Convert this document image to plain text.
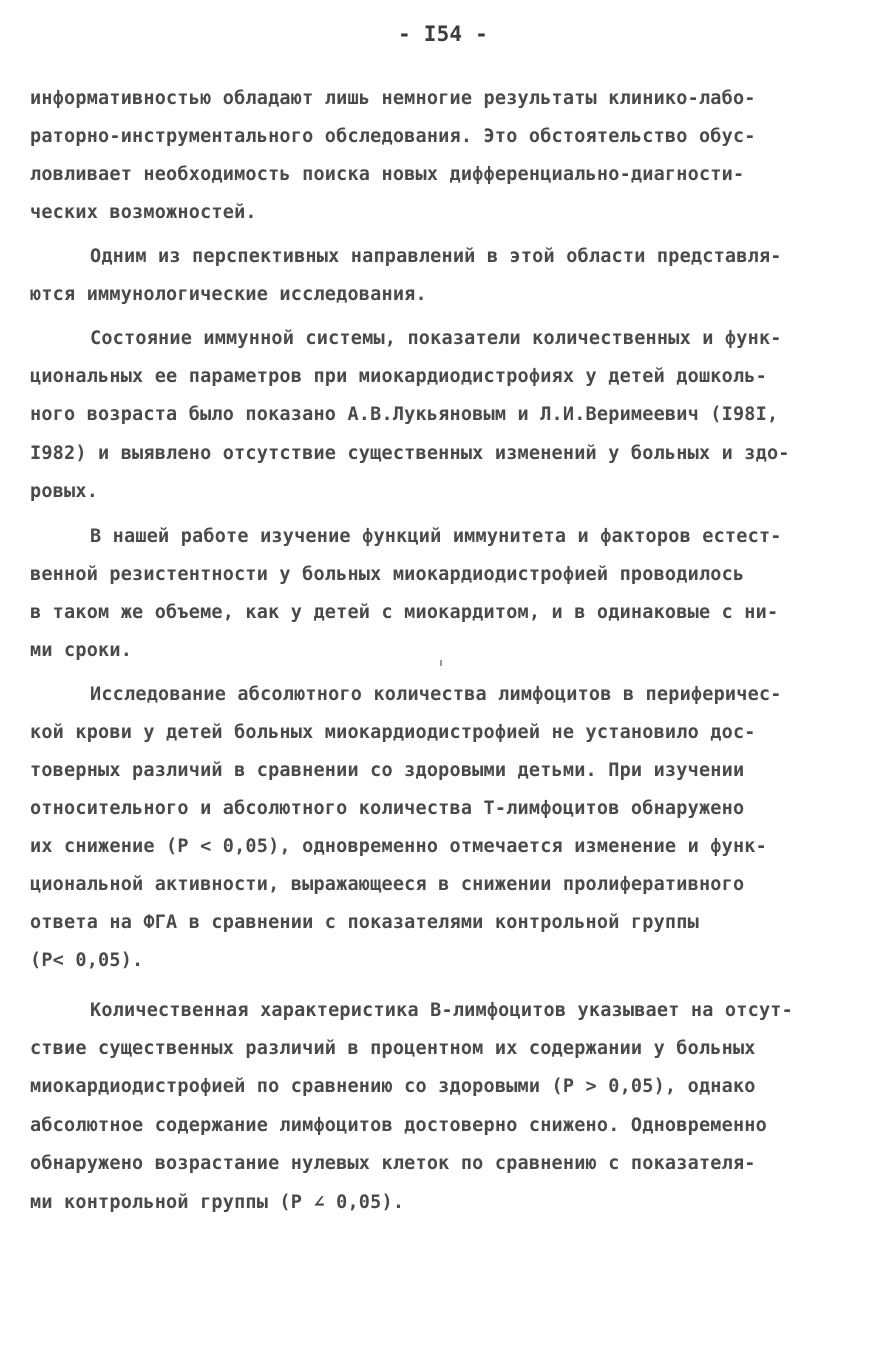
- I54 -
информативностью обладают лишь немногие результаты клинико-лабо-
раторно-инструментального обследования. Это обстоятельство обус-
ловливает необходимость поиска новых дифференциально-диагности-
ческих возможностей.
Одним из перспективных направлений в этой области представля-
ются иммунологические исследования.
Состояние иммунной системы, показатели количественных и функ-
циональных ее параметров при миокардиодистрофиях у детей дошколь-
ного возраста было показано А.В.Лукьяновым и Л.И.Веримеевич (I98I,
I982) и выявлено отсутствие существенных изменений у больных и здо-
ровых.
В нашей работе изучение функций иммунитета и факторов естест-
венной резистентности у больных миокардиодистрофией проводилось
в таком же объеме, как у детей с миокардитом, и в одинаковые с ни-
ми сроки.
Исследование абсолютного количества лимфоцитов в периферичес-
кой крови у детей больных миокардиодистрофией не установило дос-
товерных различий в сравнении со здоровыми детьми. При изучении
относительного и абсолютного количества Т-лимфоцитов обнаружено
их снижение (P < 0,05), одновременно отмечается изменение и функ-
циональной активности, выражающееся в снижении пролиферативного
ответа на ФГА в сравнении с показателями контрольной группы
(P< 0,05).
Количественная характеристика В-лимфоцитов указывает на отсут-
ствие существенных различий в процентном их содержании у больных
миокардиодистрофией по сравнению со здоровыми (P > 0,05), однако
абсолютное содержание лимфоцитов достоверно снижено. Одновременно
обнаружено возрастание нулевых клеток по сравнению с показателя-
ми контрольной группы (P ∠ 0,05).
